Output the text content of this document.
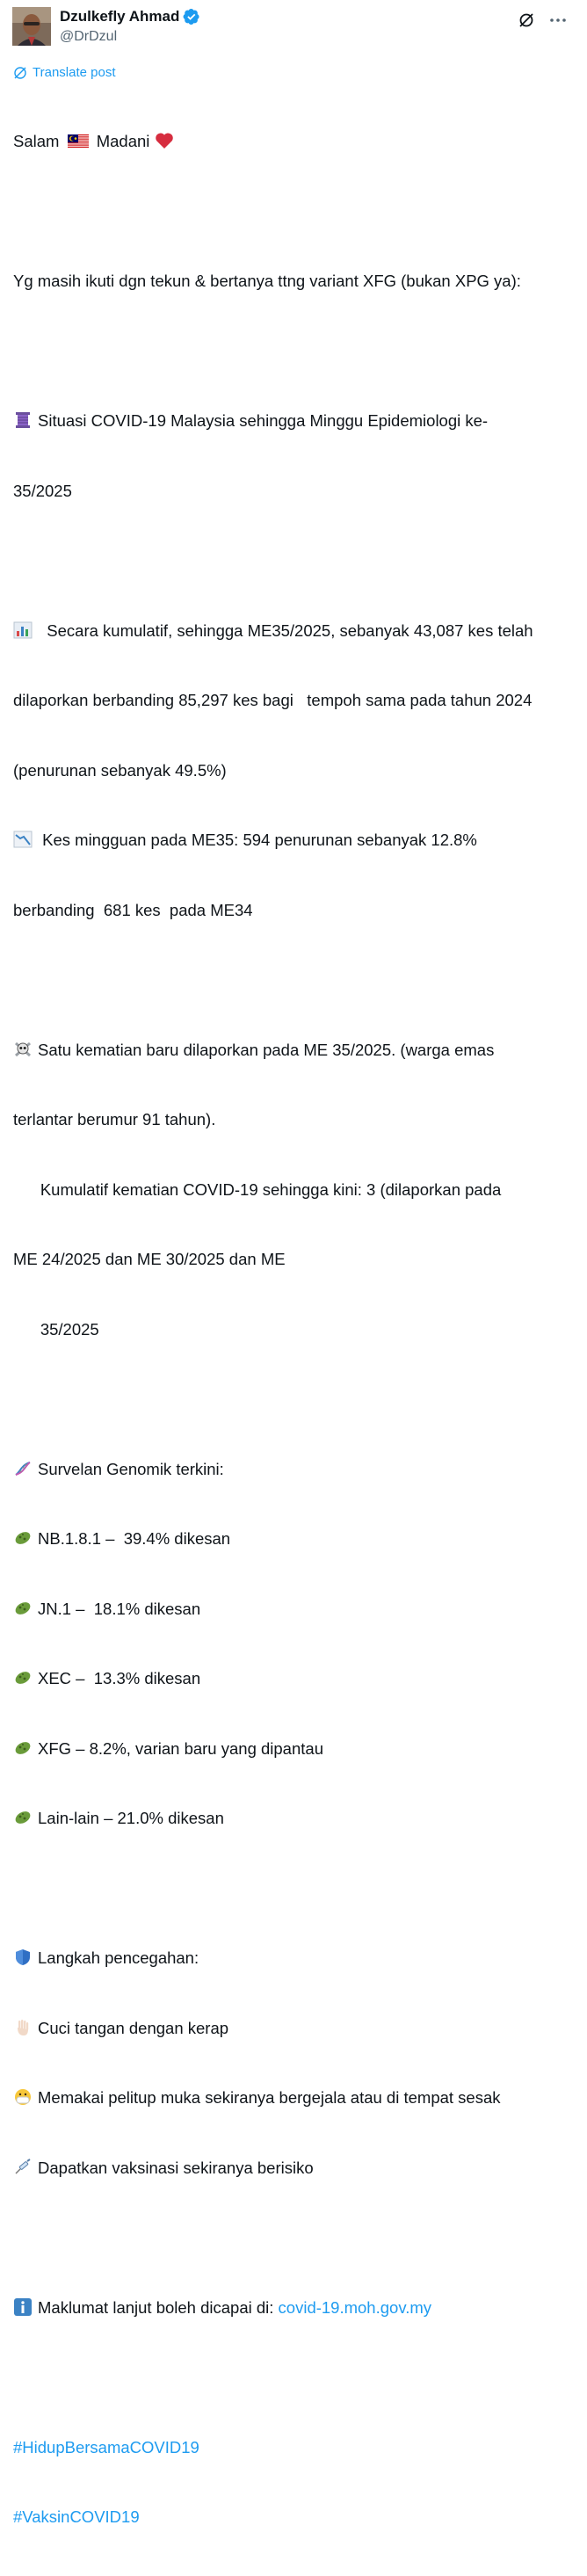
Dzulkefly Ahmad
@DrDzul
Translate post

Salam  Madani

Yg masih ikuti dgn tekun & bertanya ttng variant XFG (bukan XPG ya):

Situasi COVID-19 Malaysia sehingga Minggu Epidemiologi ke-

35/2025

Secara kumulatif, sehingga ME35/2025, sebanyak 43,087 kes telah

dilaporkan berbanding 85,297 kes bagi   tempoh sama pada tahun 2024

(penurunan sebanyak 49.5%)

Kes mingguan pada ME35: 594 penurunan sebanyak 12.8%

berbanding  681 kes  pada ME34

Satu kematian baru dilaporkan pada ME 35/2025. (warga emas

terlantar berumur 91 tahun).

Kumulatif kematian COVID-19 sehingga kini: 3 (dilaporkan pada

ME 24/2025 dan ME 30/2025 dan ME

35/2025

Survelan Genomik terkini:

NB.1.8.1 –  39.4% dikesan

JN.1 –  18.1% dikesan

XEC –  13.3% dikesan

XFG – 8.2%, varian baru yang dipantau

Lain-lain – 21.0% dikesan

Langkah pencegahan:

Cuci tangan dengan kerap

Memakai pelitup muka sekiranya bergejala atau di tempat sesak

Dapatkan vaksinasi sekiranya berisiko

Maklumat lanjut boleh dicapai di: covid-19.moh.gov.my

#HidupBersamaCOVID19

#VaksinCOVID19
